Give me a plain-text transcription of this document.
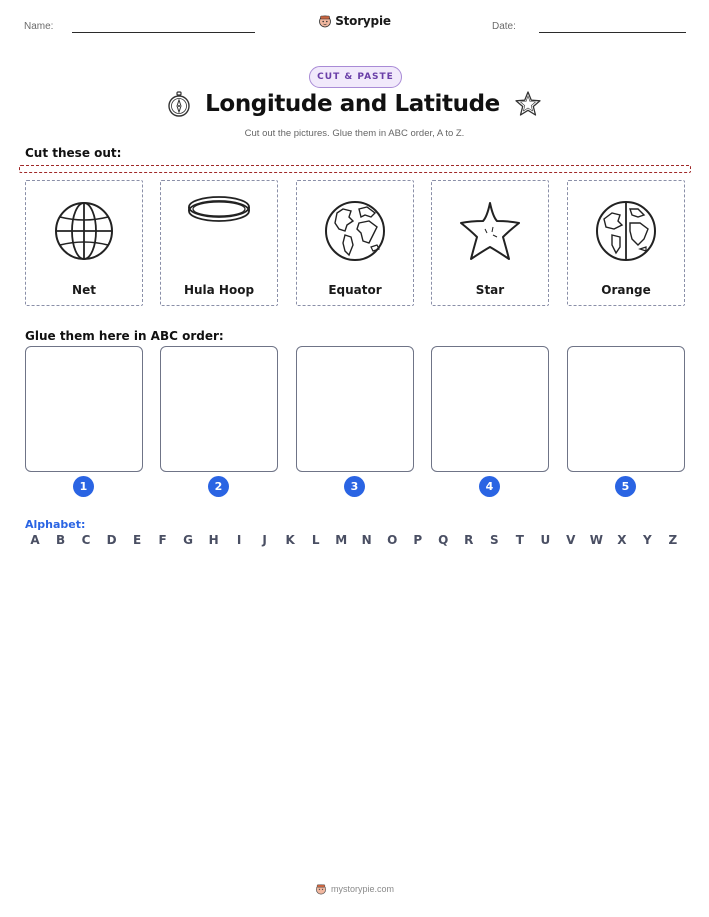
Name:	Storypie	Date:
CUT & PASTE
Longitude and Latitude
Cut out the pictures. Glue them in ABC order, A to Z.
Cut these out:
Net	Hula Hoop	Equator	Star	Orange
Glue them here in ABC order:
1	2	3	4	5
Alphabet:
A B C D E F G H	I	J	K L M N O P Q R S T U V W X Y Z
mystorypie.com
